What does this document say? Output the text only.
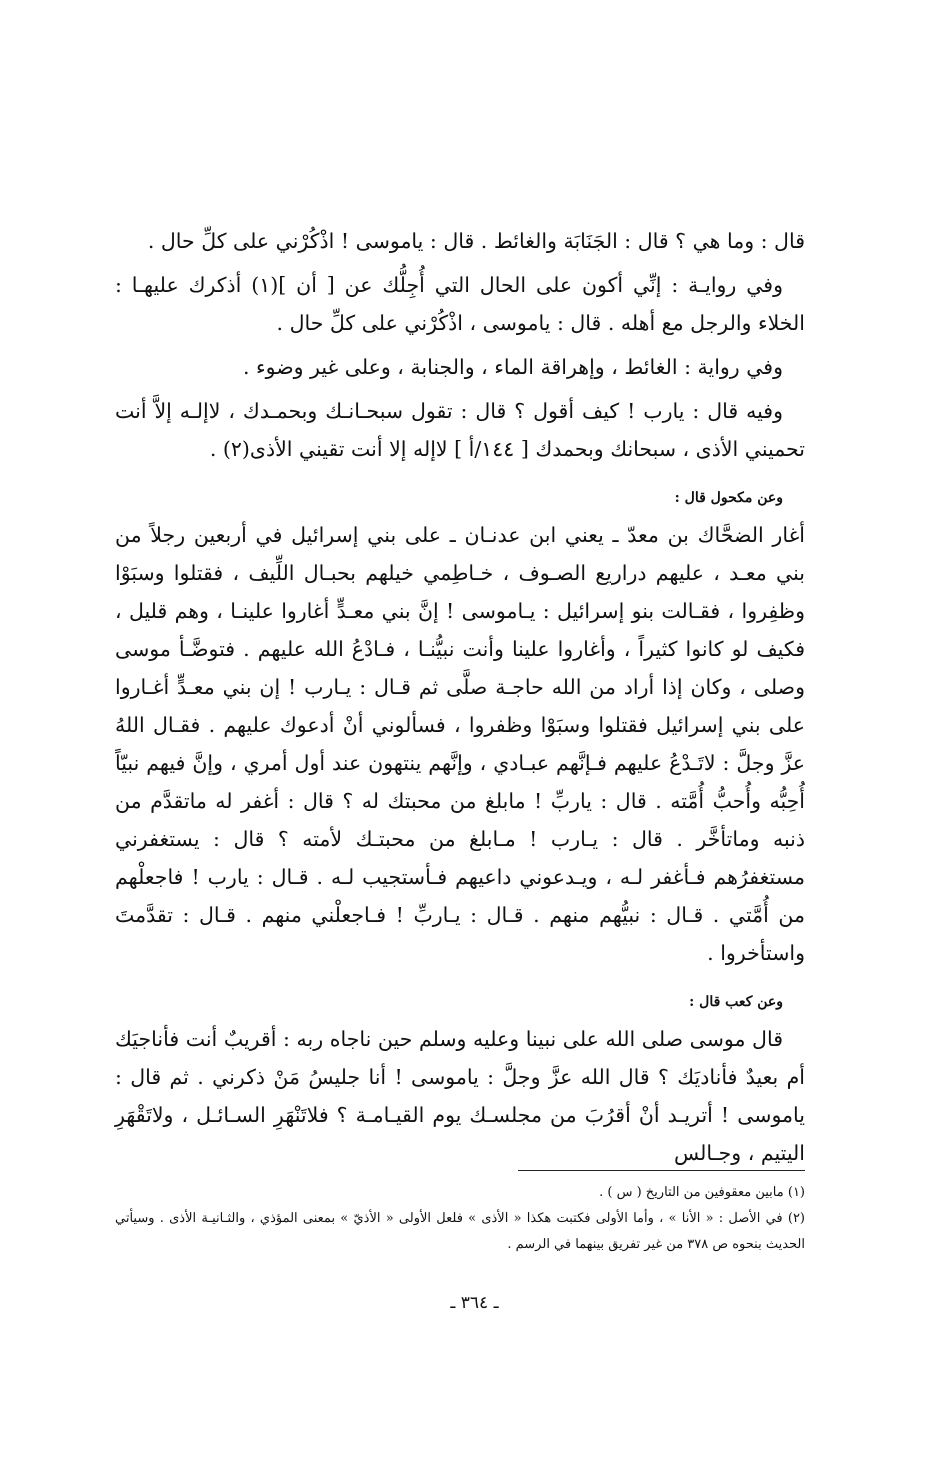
قال : وما هي ؟ قال : الجَنَابَة والغائط . قال : ياموسى ! اذْكُرْني على كلِّ حال .

وفي روايـة : إنِّي أكون على الحال التي أُجِلُّك عن [ أن ](١) أذكرك عليهـا : الخلاء والرجل مع أهله . قال : ياموسى ، اذْكُرْني على كلِّ حال .

وفي رواية : الغائط ، وإهراقة الماء ، والجنابة ، وعلى غير وضوء .

وفيه قال : يارب ! كيف أقول ؟ قال : تقول سبحـانـك وبحمـدك ، لاإلـه إلاَّ أنت تحميني الأذى ، سبحانك وبحمدك [ ١٤٤/أ ] لاإله إلا أنت تقيني الأذى(٢) .

وعن مكحول قال :

أغار الضحَّاك بن معدّ ـ يعني ابن عدنـان ـ على بني إسرائيل في أربعين رجلاً من بني معـد ، عليهم دراريع الصـوف ، خـاطِمي خيلهم بحبـال اللِّيف ، فقتلوا وسبَوْا وظفِروا ، فقـالت بنو إسرائيل : يـاموسى ! إنَّ بني معـدٍّ أغاروا علينـا ، وهم قليل ، فكيف لو كانوا كثيراً ، وأغاروا علينا وأنت نبيُّنـا ، فـادْعُ الله عليهم . فتوضَّـأ موسى وصلى ، وكان إذا أراد من الله حاجـة صلَّى ثم قـال : يـارب ! إن بني معـدٍّ أغـاروا على بني إسرائيل فقتلوا وسبَوْا وظفروا ، فسألوني أنْ أدعوك عليهم . فقـال اللهُ عزَّ وجلَّ : لاتَـدْعُ عليهم فـإنَّهم عبـادي ، وإنَّهم ينتهون عند أول أمري ، وإنَّ فيهم نبيّاً أُحِبُّه وأُحبُّ أُمَّته . قال : ياربِّ ! مابلغ من محبتك له ؟ قال : أغفر له ماتقدَّم من ذنبه وماتأخَّر . قال : يـارب ! مـابلغ من محبتـك لأمته ؟ قال : يستغفرني مستغفرُهم فـأغفر لـه ، ويـدعوني داعيهم فـأستجيب لـه . قـال : يارب ! فاجعلْهم من أُمَّتي . قـال : نبيُّهم منهم . قـال : يـاربِّ ! فـاجعلْني منهم . قـال : تقدَّمتَ واستأخروا .

وعن كعب قال :

قال موسى صلى الله على نبينا وعليه وسلم حين ناجاه ربه : أقريبٌ أنت فأناجيَك أم بعيدٌ فأناديَك ؟ قال الله عزَّ وجلَّ : ياموسى ! أنا جليسُ مَنْ ذكرني . ثم قال : ياموسى ! أتريـد أنْ أقرُبَ من مجلسـك يوم القيـامـة ؟ فلاتَنْهَرِ السـائـل ، ولاتَقْهَرِ اليتيم ، وجـالس

(١) مابين معقوفين من التاريخ ( س ) .

(٢) في الأصل : « الأنا » ، وأما الأولى فكتبت هكذا « الأذى » فلعل الأولى « الأذيّ » بمعنى المؤذي ، والثـانيـة الأذى . وسيأتي الحديث بنحوه ص ٣٧٨ من غير تفريق بينهما في الرسم .

ـ ٣٦٤ ـ
